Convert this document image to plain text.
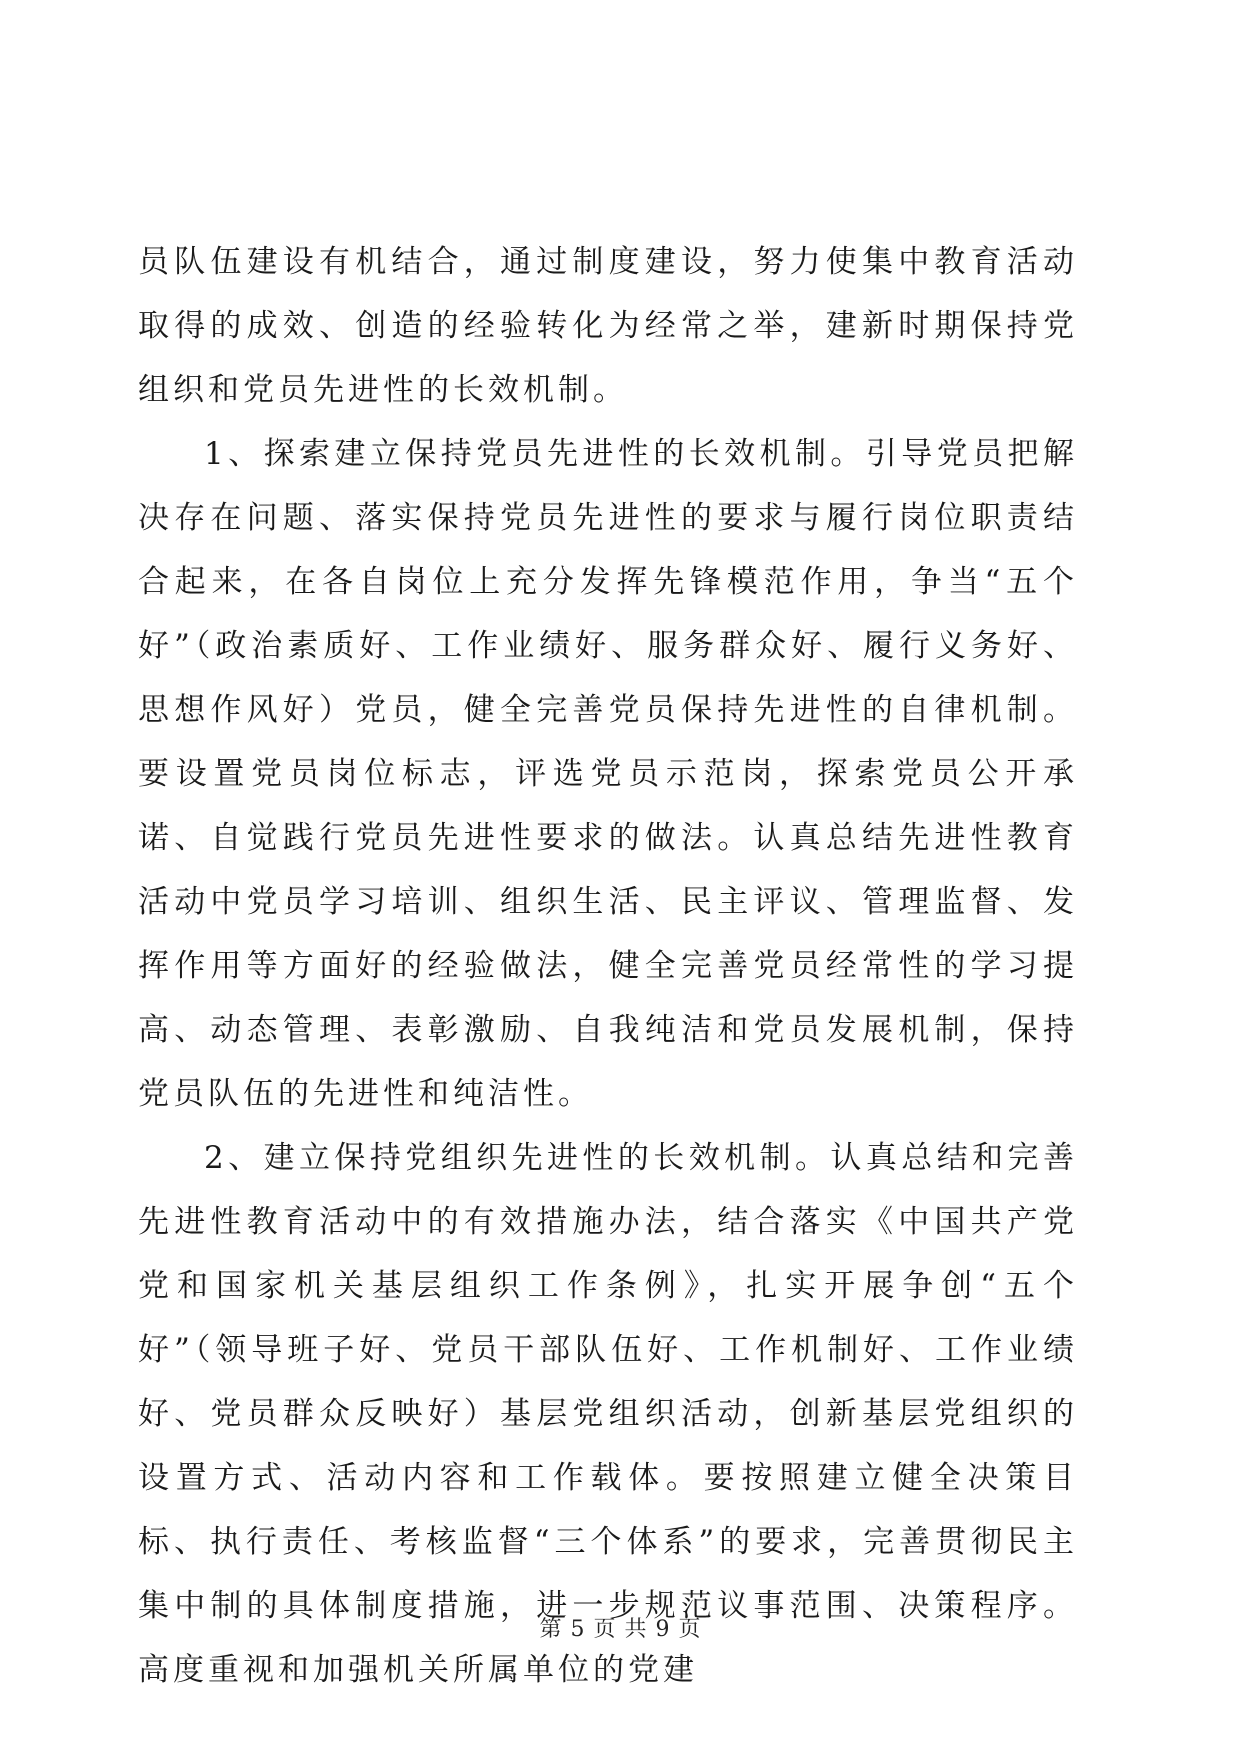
员队伍建设有机结合，通过制度建设，努力使集中教育活动取得的成效、创造的经验转化为经常之举，建新时期保持党组织和党员先进性的长效机制。

1、探索建立保持党员先进性的长效机制。引导党员把解决存在问题、落实保持党员先进性的要求与履行岗位职责结合起来，在各自岗位上充分发挥先锋模范作用，争当“五个好”（政治素质好、工作业绩好、服务群众好、履行义务好、思想作风好）党员，健全完善党员保持先进性的自律机制。要设置党员岗位标志，评选党员示范岗，探索党员公开承诺、自觉践行党员先进性要求的做法。认真总结先进性教育活动中党员学习培训、组织生活、民主评议、管理监督、发挥作用等方面好的经验做法，健全完善党员经常性的学习提高、动态管理、表彰激励、自我纯洁和党员发展机制，保持党员队伍的先进性和纯洁性。

2、建立保持党组织先进性的长效机制。认真总结和完善先进性教育活动中的有效措施办法，结合落实《中国共产党党和国家机关基层组织工作条例》，扎实开展争创“五个好”（领导班子好、党员干部队伍好、工作机制好、工作业绩好、党员群众反映好）基层党组织活动，创新基层党组织的设置方式、活动内容和工作载体。要按照建立健全决策目标、执行责任、考核监督“三个体系”的要求，完善贯彻民主集中制的具体制度措施，进一步规范议事范围、决策程序。高度重视和加强机关所属单位的党建

第 5 页 共 9 页
